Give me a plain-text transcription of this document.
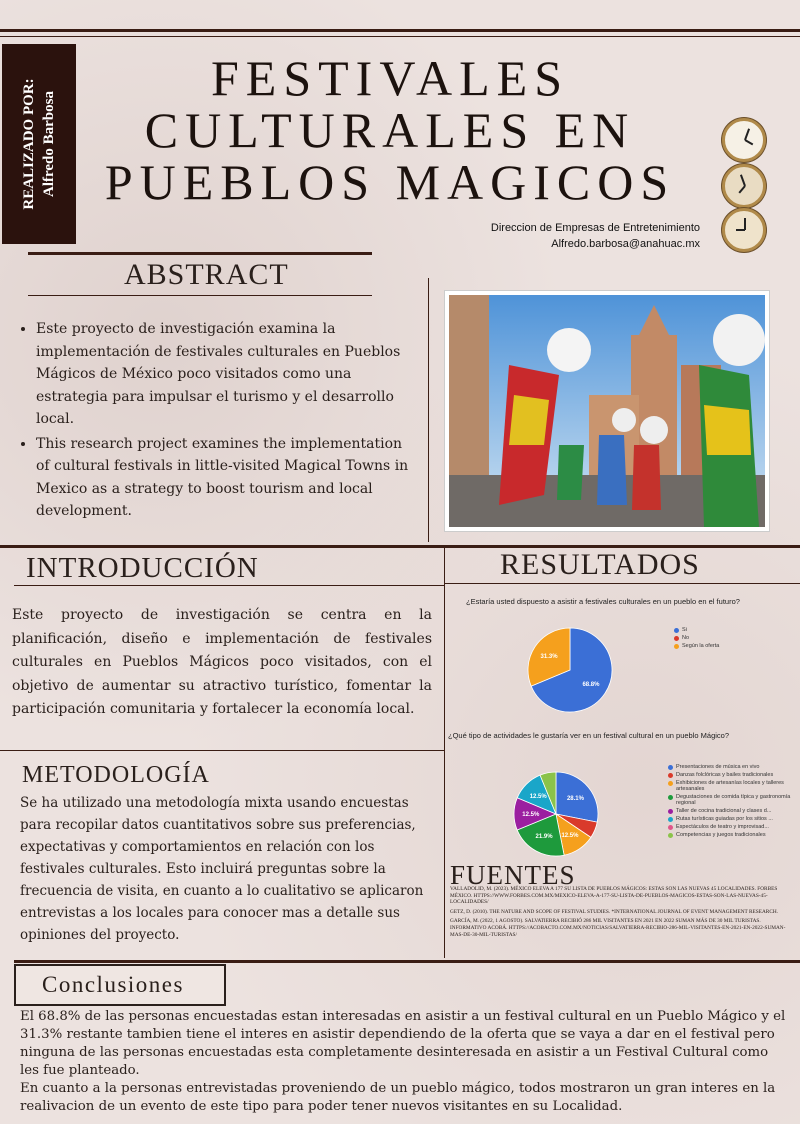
REALIZADO POR: Alfredo Barbosa
FESTIVALES
CULTURALES EN
PUEBLOS MAGICOS
Direccion de Empresas de Entretenimiento
Alfredo.barbosa@anahuac.mx
ABSTRACT
• Este proyecto de investigación examina la implementación de festivales culturales en Pueblos Mágicos de México poco visitados como una estrategia para impulsar el turismo y el desarrollo local.
• This research project examines the implementation of cultural festivals in little-visited Magical Towns in Mexico as a strategy to boost tourism and local development.
INTRODUCCIÓN
Este proyecto de investigación se centra en la planificación, diseño e implementación de festivales culturales en Pueblos Mágicos poco visitados, con el objetivo de aumentar su atractivo turístico, fomentar la participación comunitaria y fortalecer la economía local.
RESULTADOS
¿Estaría usted dispuesto a asistir a festivales culturales en un pueblo en el futuro?
68.8%
31.3%
Si
No
Según la oferta
¿Qué tipo de actividades le gustaría ver en un festival cultural en un pueblo Mágico?
28.1%
12.5%
21.9%
12.5%
12.5%
Presentaciones de música en vivo
Danzas folclóricas y bailes tradicionales
Exhibiciones de artesanías locales y talleres artesanales
Degustaciones de comida típica y gastronomía regional
Taller de cocina tradicional y clases d...
Rutas turísticas guiadas por los sitios ...
Espectáculos de teatro y improvisad...
Competencias y juegos tradicionales
METODOLOGÍA
Se ha utilizado una metodología mixta usando encuestas para recopilar datos cuantitativos sobre sus preferencias, expectativas y comportamientos en relación con los festivales culturales. Esto incluirá preguntas sobre la frecuencia de visita, en cuanto a lo cualitativo se aplicaron entrevistas a los locales para conocer mas a detalle sus opiniones del proyecto.
FUENTES

VALLADOLID, M. (2023). MÉXICO ELEVA A 177 SU LISTA DE PUEBLOS MÁGICOS: ESTAS SON LAS NUEVAS 45 LOCALIDADES. FORBES MÉXICO. HTTPS://WWW.FORBES.COM.MX/MEXICO-ELEVA-A-177-SU-LISTA-DE-PUEBLOS-MAGICOS-ESTAS-SON-LAS-NUEVAS-45-LOCALIDADES/

GETZ, D. (2010). THE NATURE AND SCOPE OF FESTIVAL STUDIES. *INTERNATIONAL JOURNAL OF EVENT MANAGEMENT RESEARCH.

GARCÍA, M. (2022, 1 AGOSTO). SALVATIERRA RECIBIÓ 286 MIL VISITANTES EN 2021 EN 2022 SUMAN MÁS DE 30 MIL TURISTAS. INFORMATIVO ACOBÁ. HTTPS://ACOBACTO.COM.MX/NOTICIAS/SALVATIERRA-RECIBIO-286-MIL-VISITANTES-EN-2021-EN-2022-SUMAN-MAS-DE-30-MIL-TURISTAS/

Conclusiones
El 68.8% de las personas encuestadas estan interesadas en asistir a un festival cultural en un Pueblo Mágico y el 31.3% restante tambien tiene el interes en asistir dependiendo de la oferta que se vaya a dar en el festival pero ninguna de las personas encuestadas esta completamente desinteresada en asistir a un Festival Cultural como les fue planteado.
En cuanto a la personas entrevistadas proveniendo de un pueblo mágico, todos mostraron un gran interes en la realivacion de un evento de este tipo para poder tener nuevos visitantes en su Localidad.
